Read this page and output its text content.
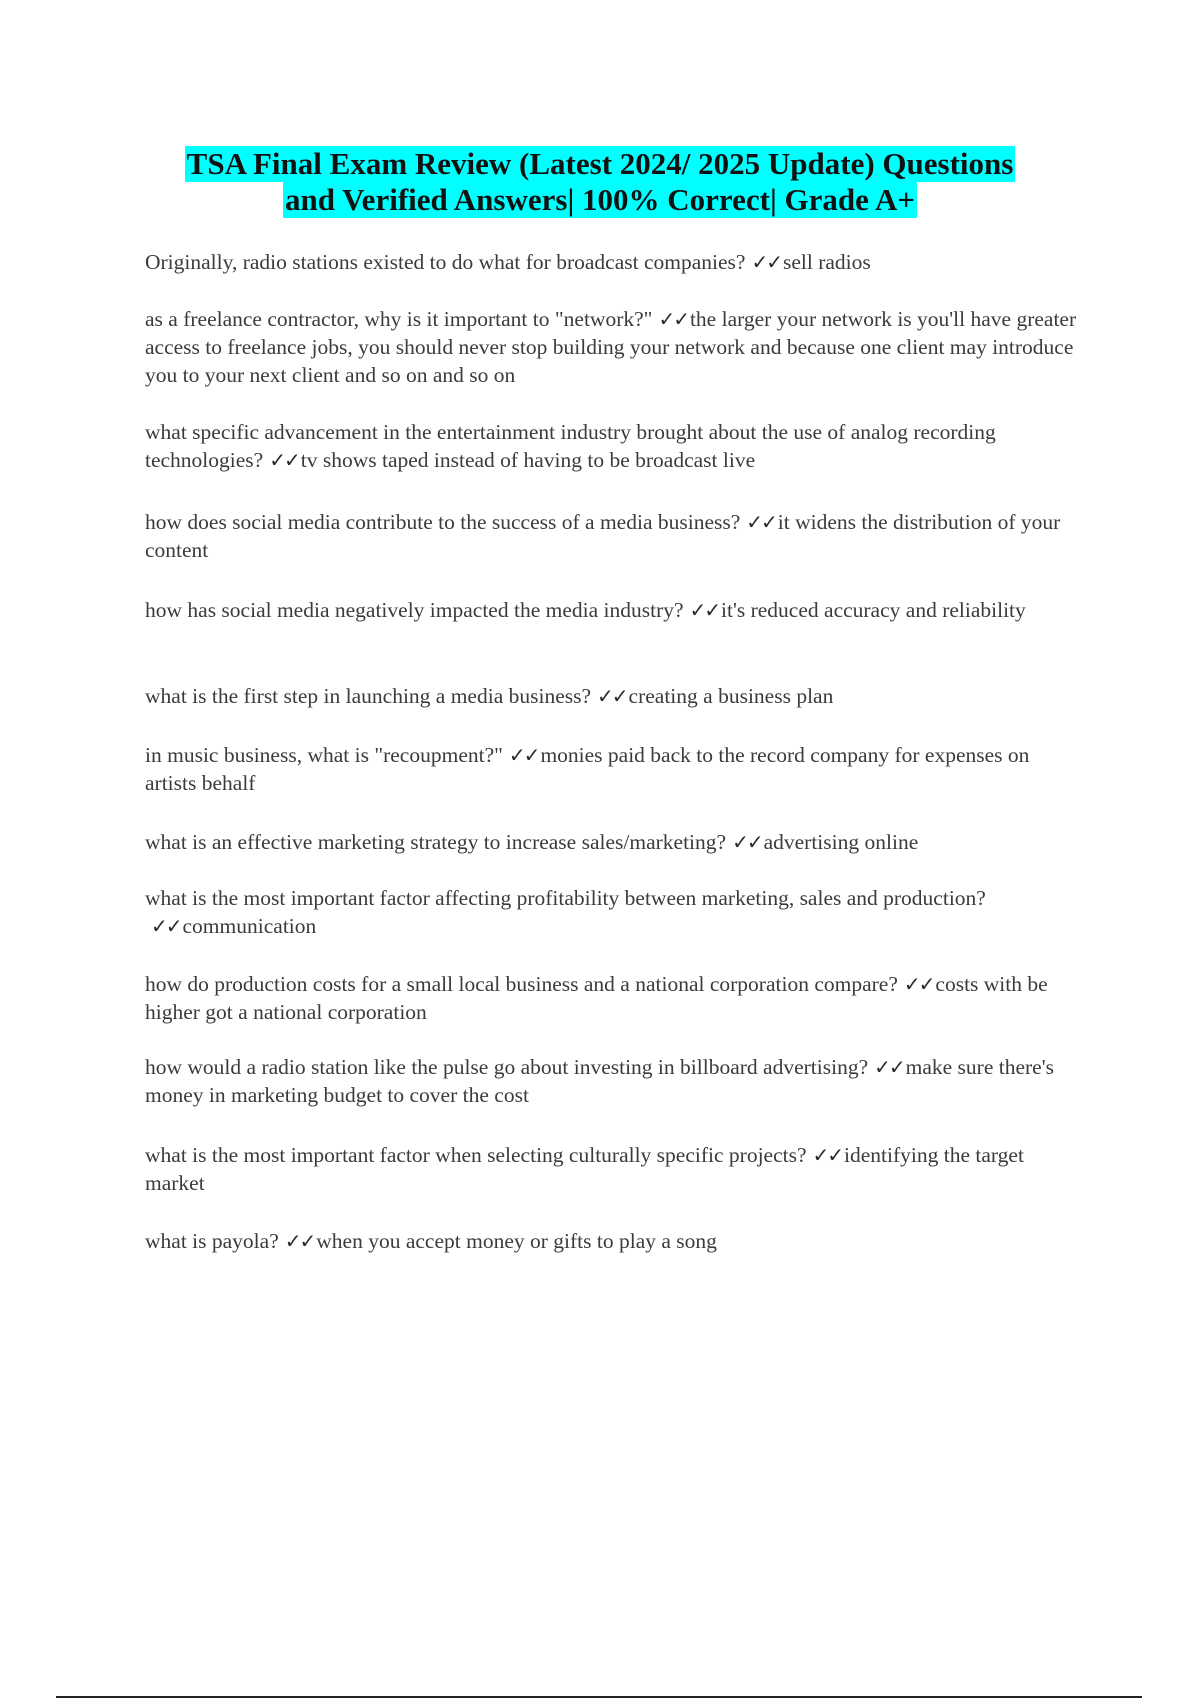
TSA Final Exam Review (Latest 2024/ 2025 Update) Questions
and Verified Answers| 100% Correct| Grade A+
Originally, radio stations existed to do what for broadcast companies? ✓✓sell radios
as a freelance contractor, why is it important to "network?" ✓✓the larger your network is you'll have greater access to freelance jobs, you should never stop building your network and because one client may introduce you to your next client and so on and so on
what specific advancement in the entertainment industry brought about the use of analog recording technologies? ✓✓tv shows taped instead of having to be broadcast live
how does social media contribute to the success of a media business? ✓✓it widens the distribution of your content
how has social media negatively impacted the media industry? ✓✓it's reduced accuracy and reliability
what is the first step in launching a media business? ✓✓creating a business plan
in music business, what is "recoupment?" ✓✓monies paid back to the record company for expenses on artists behalf
what is an effective marketing strategy to increase sales/marketing? ✓✓advertising online
what is the most important factor affecting profitability between marketing, sales and production?✓✓communication
how do production costs for a small local business and a national corporation compare? ✓✓costs with be higher got a national corporation
how would a radio station like the pulse go about investing in billboard advertising? ✓✓make sure there's money in marketing budget to cover the cost
what is the most important factor when selecting culturally specific projects? ✓✓identifying the target market
what is payola? ✓✓when you accept money or gifts to play a song
